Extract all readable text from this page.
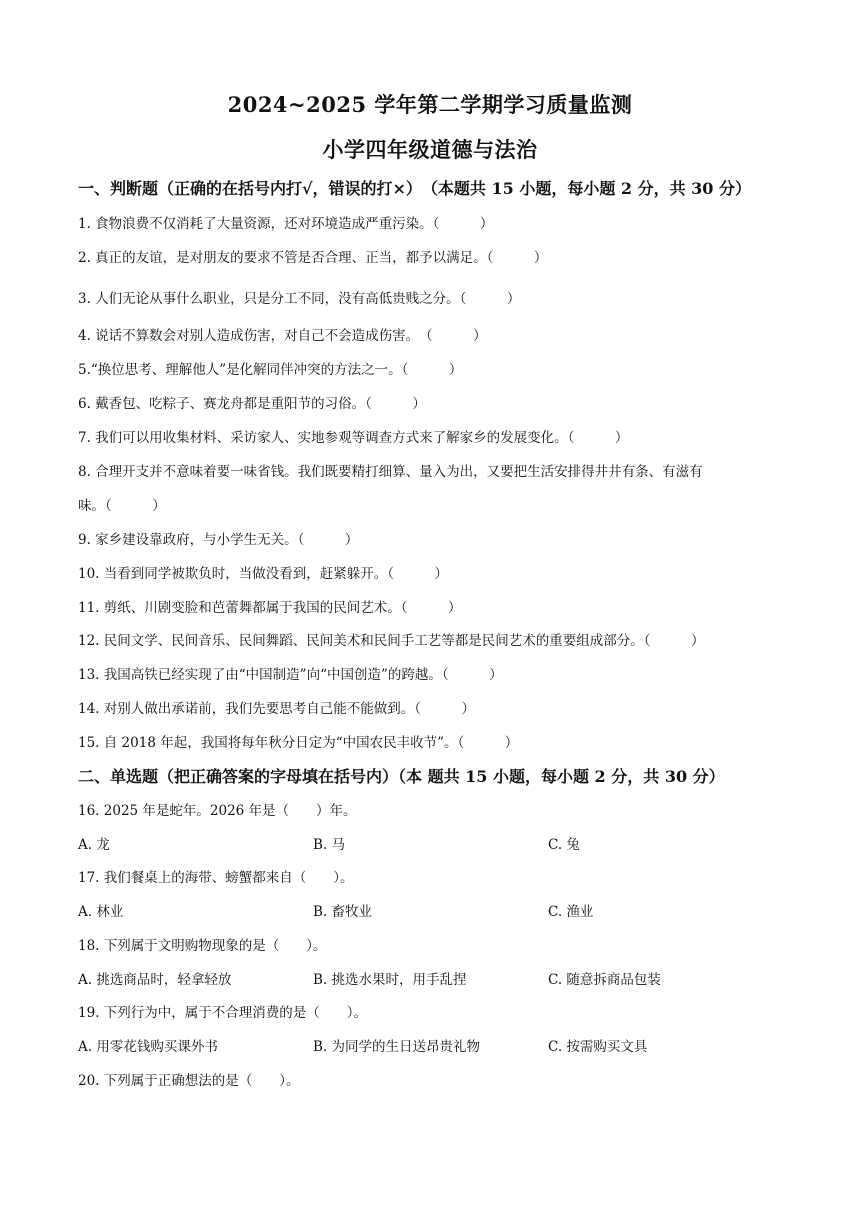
2024~2025 学年第二学期学习质量监测
小学四年级道德与法治
一、判断题（正确的在括号内打√，错误的打×）　（本题共 15 小题，每小题 2 分，共 30 分）
1. 食物浪费不仅消耗了大量资源，还对环境造成严重污染。（　　　）
2. 真正的友谊，是对朋友的要求不管是否合理、正当，都予以满足。（　　　）
3. 人们无论从事什么职业，只是分工不同，没有高低贵贱之分。（　　　）
4. 说话不算数会对别人造成伤害，对自己不会造成伤害。　（　　　）
5.“换位思考、理解他人”是化解同伴冲突的方法之一。（　　　）
6. 戴香包、吃粽子、赛龙舟都是重阳节的习俗。（　　　）
7. 我们可以用收集材料、采访家人、实地参观等调查方式来了解家乡的发展变化。（　　　）
8. 合理开支并不意味着要一味省钱。我们既要精打细算、量入为出，又要把生活安排得井井有条、有滋有
味。（　　　）
9. 家乡建设靠政府，与小学生无关。（　　　）
10. 当看到同学被欺负时，当做没看到，赶紧躲开。（　　　）
11. 剪纸、川剧变脸和芭蕾舞都属于我国的民间艺术。（　　　）
12. 民间文学、民间音乐、民间舞蹈、民间美术和民间手工艺等都是民间艺术的重要组成部分。（　　　）
13. 我国高铁已经实现了由“中国制造”向“中国创造”的跨越。（　　　）
14. 对别人做出承诺前，我们先要思考自己能不能做到。（　　　）
15. 自 2018 年起，我国将每年秋分日定为“中国农民丰收节”。（　　　）
二、单选题（把正确答案的字母填在括号内）（本 题共 15 小题，每小题 2 分，共 30 分）
16. 2025 年是蛇年。2026 年是（　　）年。
A. 龙	B. 马	C. 兔
17. 我们餐桌上的海带、螃蟹都来自（　　）。
A. 林业	B. 畜牧业	C. 渔业
18. 下列属于文明购物现象的是（　　）。
A. 挑选商品时，轻拿轻放	B. 挑选水果时，用手乱捏	C. 随意拆商品包装
19. 下列行为中，属于不合理消费的是（　　）。
A. 用零花钱购买课外书	B. 为同学的生日送昂贵礼物	C. 按需购买文具
20. 下列属于正确想法的是（　　）。
